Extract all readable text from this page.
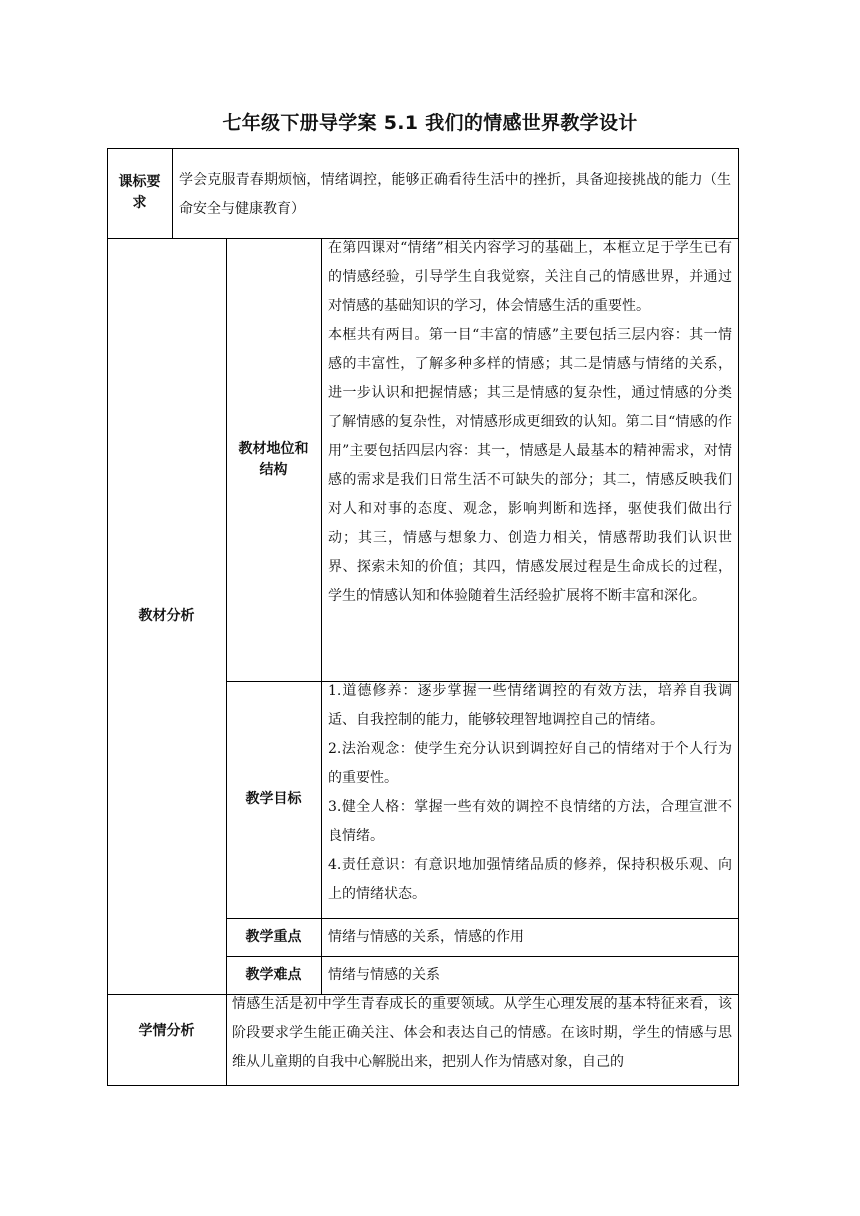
七年级下册导学案 5.1 我们的情感世界教学设计
课标要
求
学会克服青春期烦恼，情绪调控，能够正确看待生活中的挫折，具备迎接挑战的能力（生命安全与健康教育）
教材分析
教材地位和
结构

在第四课对“情绪”相关内容学习的基础上，本框立足于学生已有的情感经验，引导学生自我觉察，关注自己的情感世界，并通过对情感的基础知识的学习，体会情感生活的重要性。

本框共有两目。第一目“丰富的情感”主要包括三层内容：其一情感的丰富性，了解多种多样的情感；其二是情感与情绪的关系，进一步认识和把握情感；其三是情感的复杂性，通过情感的分类了解情感的复杂性，对情感形成更细致的认知。第二目“情感的作用”主要包括四层内容：其一，情感是人最基本的精神需求，对情感的需求是我们日常生活不可缺失的部分；其二，情感反映我们对人和对事的态度、观念，影响判断和选择，驱使我们做出行动；其三，情感与想象力、创造力相关，情感帮助我们认识世界、探索未知的价值；其四，情感发展过程是生命成长的过程，学生的情感认知和体验随着生活经验扩展将不断丰富和深化。

教学目标

1.道德修养：逐步掌握一些情绪调控的有效方法，培养自我调适、自我控制的能力，能够较理智地调控自己的情绪。

2.法治观念：使学生充分认识到调控好自己的情绪对于个人行为的重要性。

3.健全人格：掌握一些有效的调控不良情绪的方法，合理宣泄不良情绪。

4.责任意识：有意识地加强情绪品质的修养，保持积极乐观、向上的情绪状态。

教学重点	情绪与情感的关系，情感的作用
教学难点	情绪与情感的关系
学情分析
情感生活是初中学生青春成长的重要领域。从学生心理发展的基本特征来看，该阶段要求学生能正确关注、体会和表达自己的情感。在该时期，学生的情感与思维从儿童期的自我中心解脱出来，把别人作为情感对象，自己的
